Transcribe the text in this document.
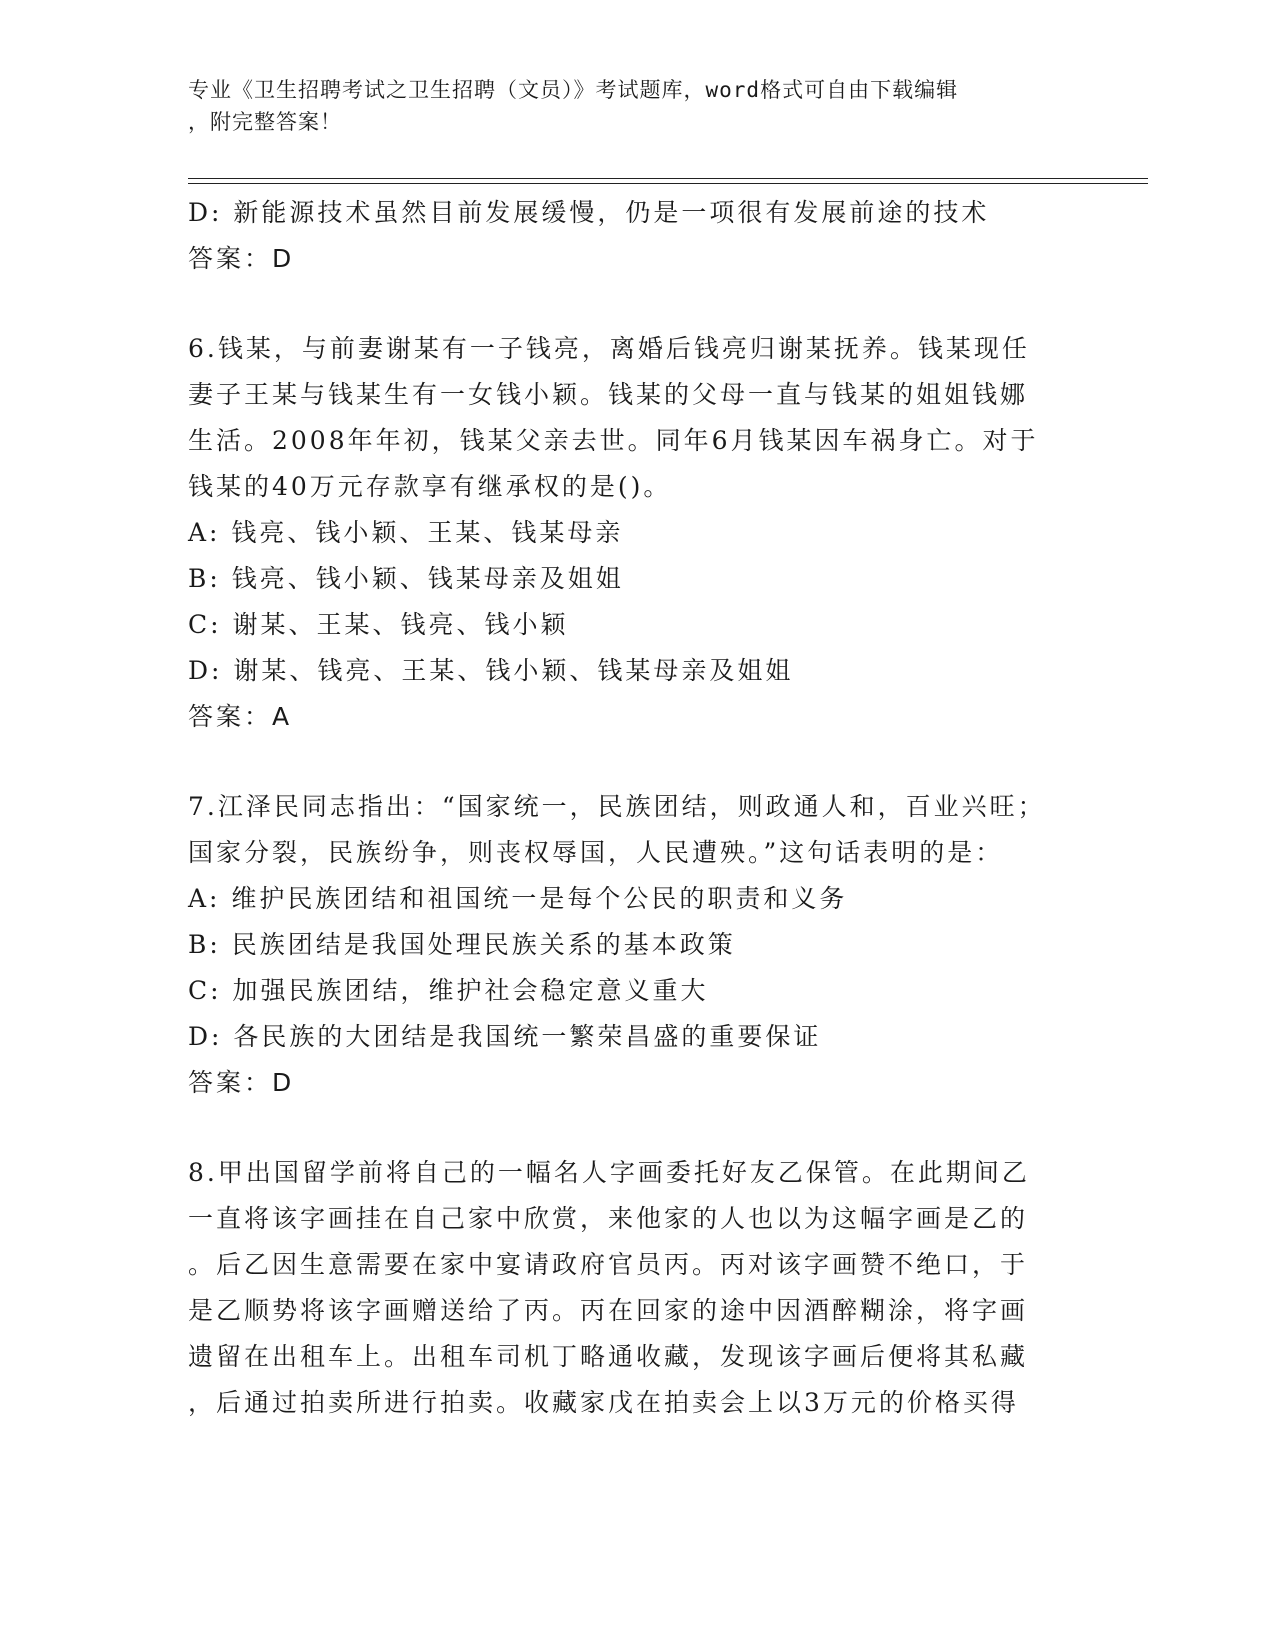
专业《卫生招聘考试之卫生招聘（文员）》考试题库，word格式可自由下载编辑
，附完整答案！
D: 新能源技术虽然目前发展缓慢，仍是一项很有发展前途的技术
答案：D
6.钱某，与前妻谢某有一子钱亮，离婚后钱亮归谢某抚养。钱某现任
妻子王某与钱某生有一女钱小颖。钱某的父母一直与钱某的姐姐钱娜
生活。2008年年初，钱某父亲去世。同年6月钱某因车祸身亡。对于
钱某的40万元存款享有继承权的是()。
A: 钱亮、钱小颖、王某、钱某母亲
B: 钱亮、钱小颖、钱某母亲及姐姐
C: 谢某、王某、钱亮、钱小颖
D: 谢某、钱亮、王某、钱小颖、钱某母亲及姐姐
答案：A
7.江泽民同志指出：“国家统一，民族团结，则政通人和，百业兴旺；
国家分裂，民族纷争，则丧权辱国，人民遭殃。”这句话表明的是：
A: 维护民族团结和祖国统一是每个公民的职责和义务
B: 民族团结是我国处理民族关系的基本政策
C: 加强民族团结，维护社会稳定意义重大
D: 各民族的大团结是我国统一繁荣昌盛的重要保证
答案：D
8.甲出国留学前将自己的一幅名人字画委托好友乙保管。在此期间乙
一直将该字画挂在自己家中欣赏，来他家的人也以为这幅字画是乙的
。后乙因生意需要在家中宴请政府官员丙。丙对该字画赞不绝口，于
是乙顺势将该字画赠送给了丙。丙在回家的途中因酒醉糊涂，将字画
遗留在出租车上。出租车司机丁略通收藏，发现该字画后便将其私藏
，后通过拍卖所进行拍卖。收藏家戊在拍卖会上以3万元的价格买得
